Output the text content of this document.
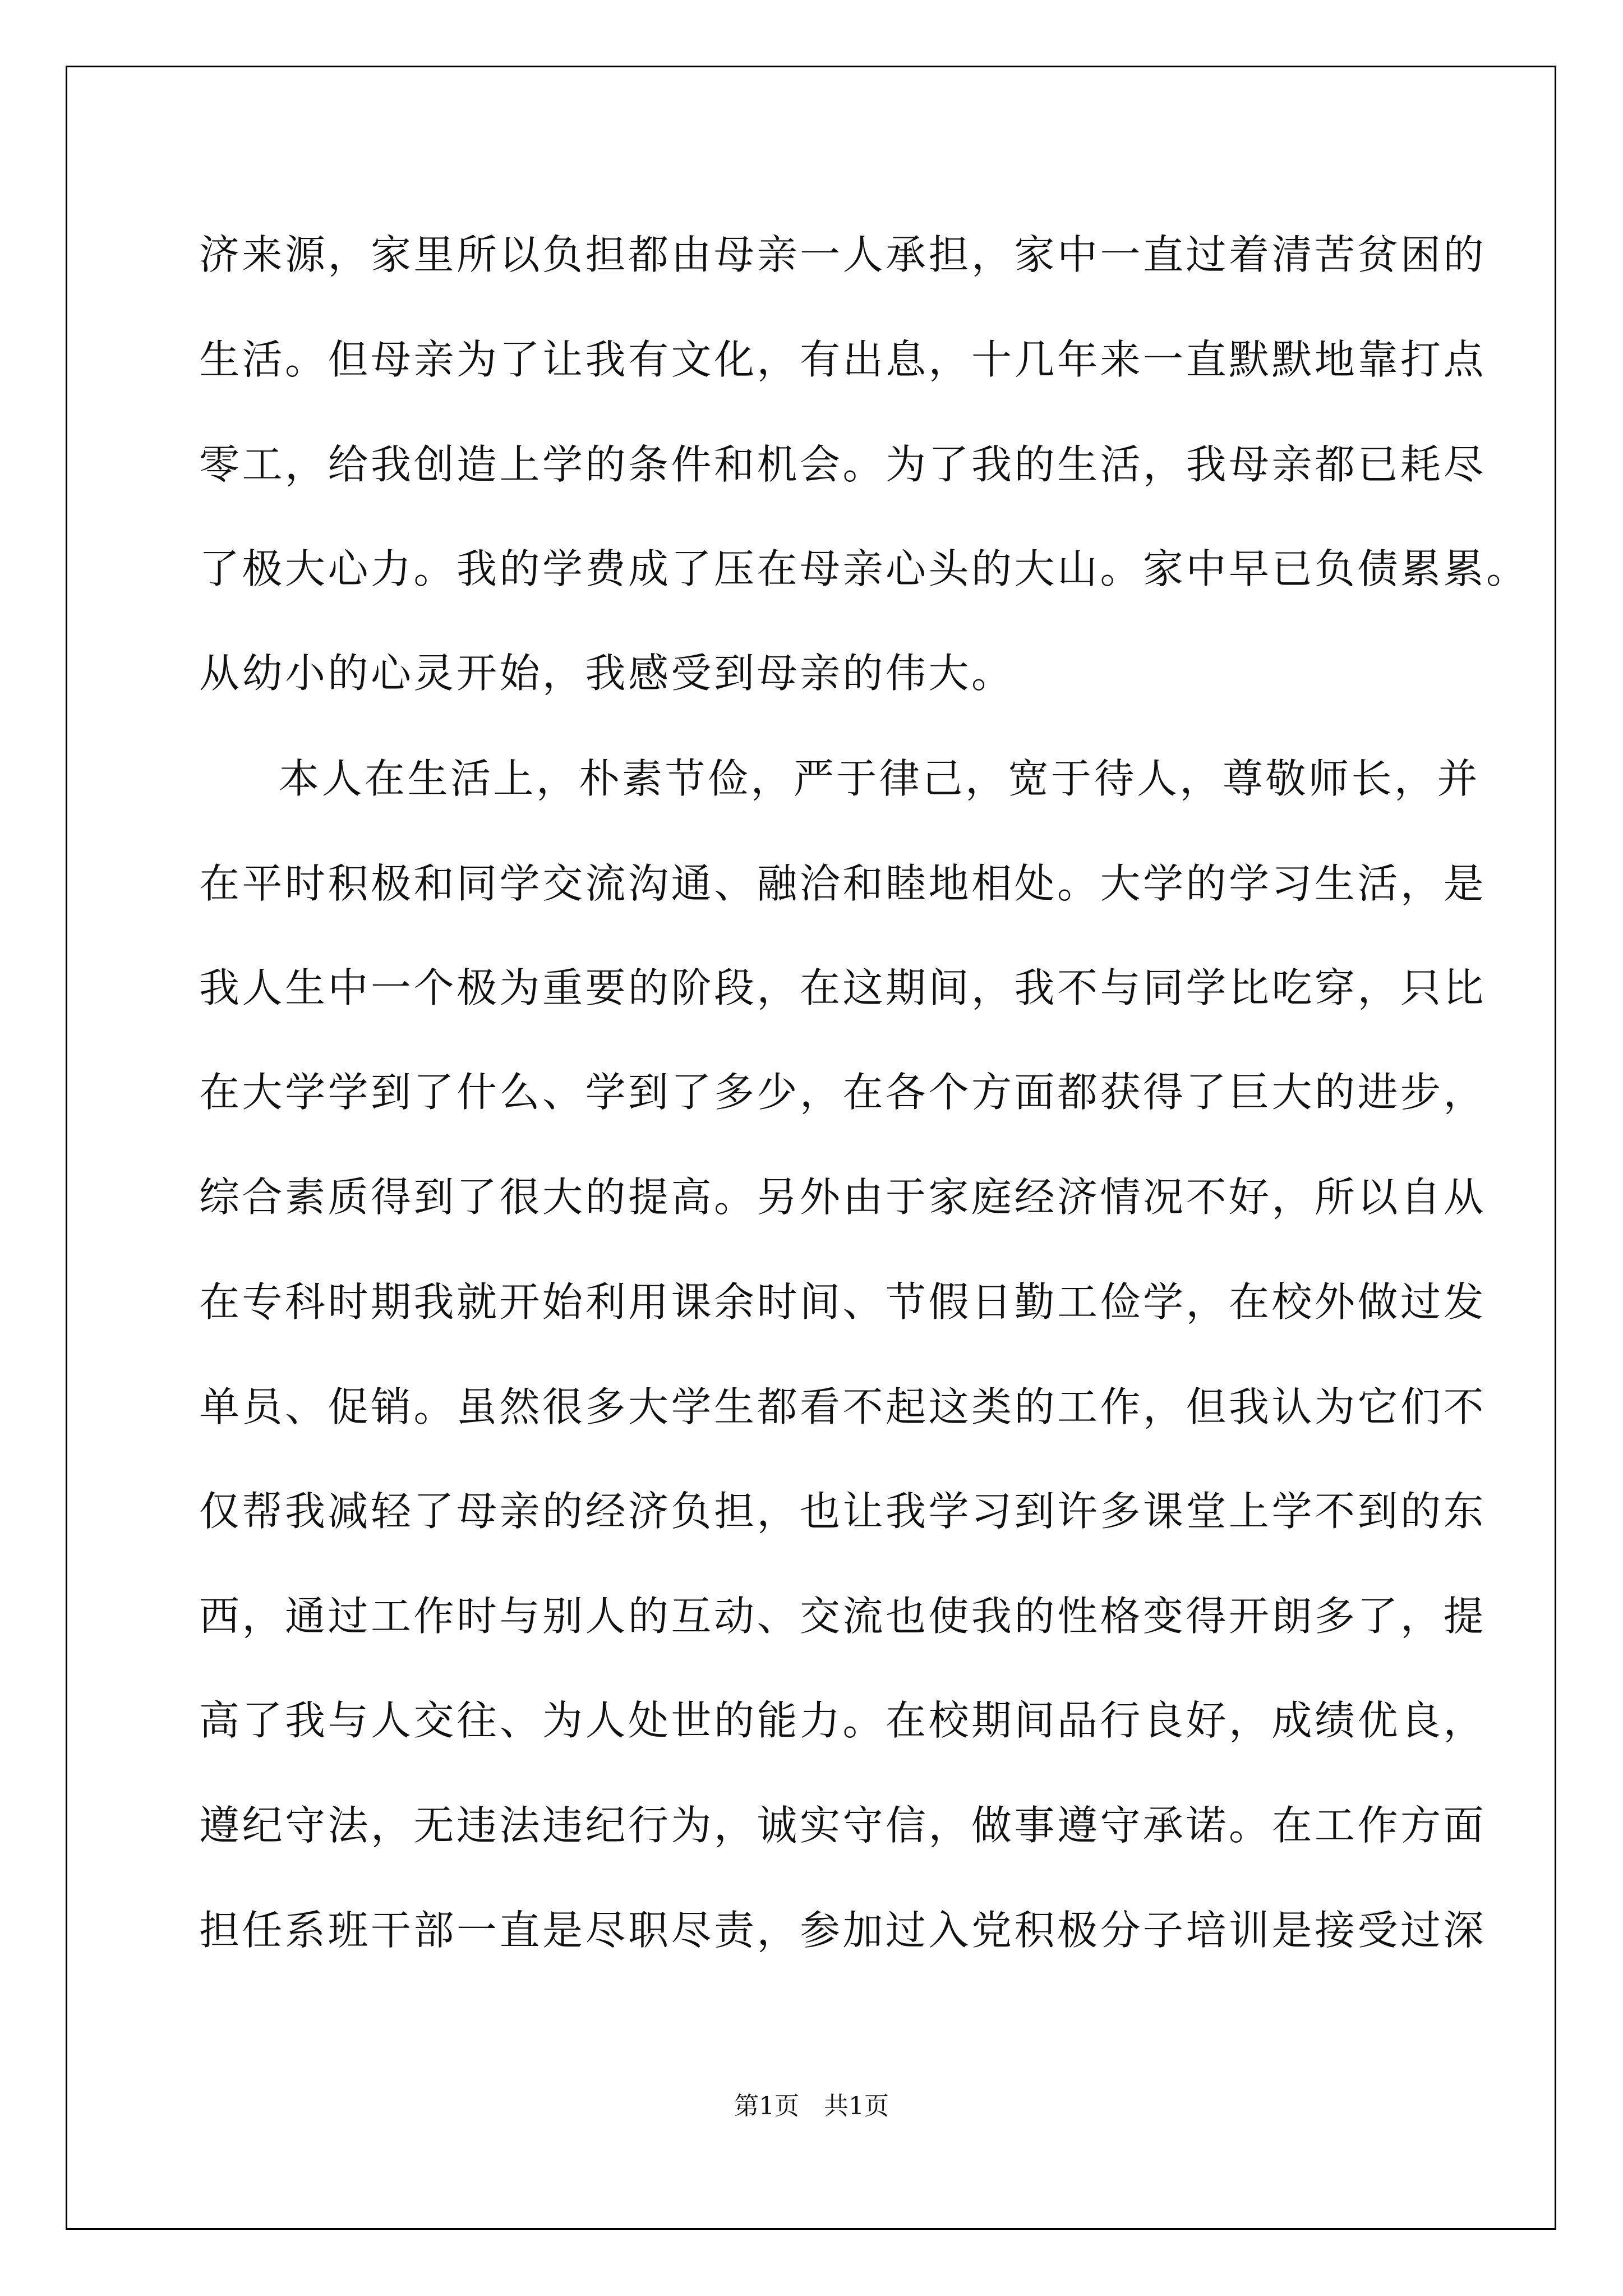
济来源，家里所以负担都由母亲一人承担，家中一直过着清苦贫困的
生活。但母亲为了让我有文化，有出息，十几年来一直默默地靠打点
零工，给我创造上学的条件和机会。为了我的生活，我母亲都已耗尽
了极大心力。我的学费成了压在母亲心头的大山。家中早已负债累累。
从幼小的心灵开始，我感受到母亲的伟大。
本人在生活上，朴素节俭，严于律己，宽于待人，尊敬师长，并
在平时积极和同学交流沟通、融洽和睦地相处。大学的学习生活，是
我人生中一个极为重要的阶段，在这期间，我不与同学比吃穿，只比
在大学学到了什么、学到了多少，在各个方面都获得了巨大的进步，
综合素质得到了很大的提高。另外由于家庭经济情况不好，所以自从
在专科时期我就开始利用课余时间、节假日勤工俭学，在校外做过发
单员、促销。虽然很多大学生都看不起这类的工作，但我认为它们不
仅帮我减轻了母亲的经济负担，也让我学习到许多课堂上学不到的东
西，通过工作时与别人的互动、交流也使我的性格变得开朗多了，提
高了我与人交往、为人处世的能力。在校期间品行良好，成绩优良，
遵纪守法，无违法违纪行为，诚实守信，做事遵守承诺。在工作方面
担任系班干部一直是尽职尽责，参加过入党积极分子培训是接受过深
第1页　共1页
